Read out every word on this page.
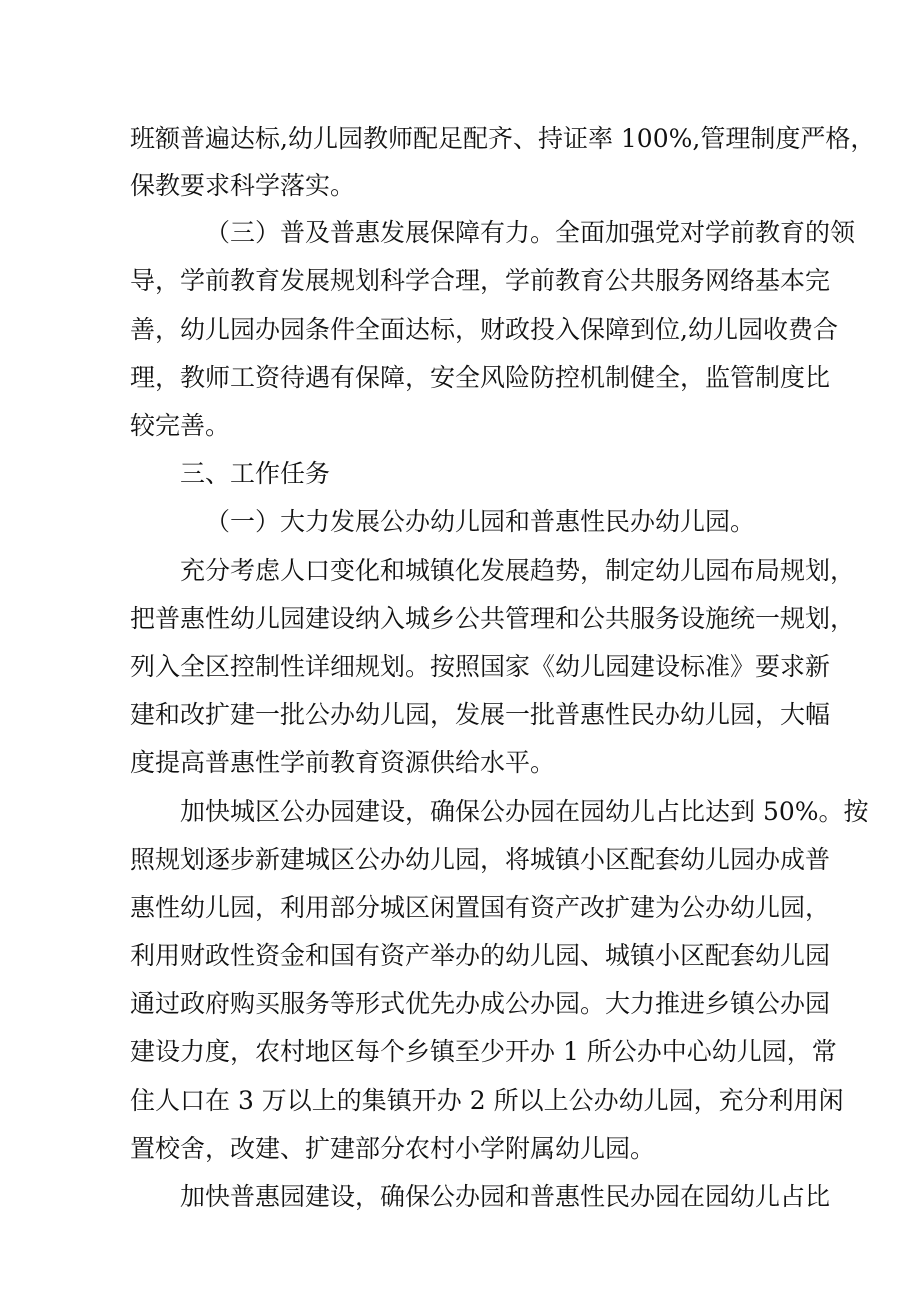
班额普遍达标,幼儿园教师配足配齐、持证率 100%,管理制度严格，
保教要求科学落实。
（三）普及普惠发展保障有力。全面加强党对学前教育的领
导，学前教育发展规划科学合理，学前教育公共服务网络基本完
善，幼儿园办园条件全面达标，财政投入保障到位,幼儿园收费合
理，教师工资待遇有保障，安全风险防控机制健全，监管制度比
较完善。
三、工作任务
（一）大力发展公办幼儿园和普惠性民办幼儿园。
充分考虑人口变化和城镇化发展趋势，制定幼儿园布局规划，
把普惠性幼儿园建设纳入城乡公共管理和公共服务设施统一规划，
列入全区控制性详细规划。按照国家《幼儿园建设标准》要求新
建和改扩建一批公办幼儿园，发展一批普惠性民办幼儿园，大幅
度提高普惠性学前教育资源供给水平。
加快城区公办园建设，确保公办园在园幼儿占比达到 50%。按
照规划逐步新建城区公办幼儿园，将城镇小区配套幼儿园办成普
惠性幼儿园，利用部分城区闲置国有资产改扩建为公办幼儿园，
利用财政性资金和国有资产举办的幼儿园、城镇小区配套幼儿园
通过政府购买服务等形式优先办成公办园。大力推进乡镇公办园
建设力度，农村地区每个乡镇至少开办 1 所公办中心幼儿园，常
住人口在 3 万以上的集镇开办 2 所以上公办幼儿园，充分利用闲
置校舍，改建、扩建部分农村小学附属幼儿园。
加快普惠园建设，确保公办园和普惠性民办园在园幼儿占比
